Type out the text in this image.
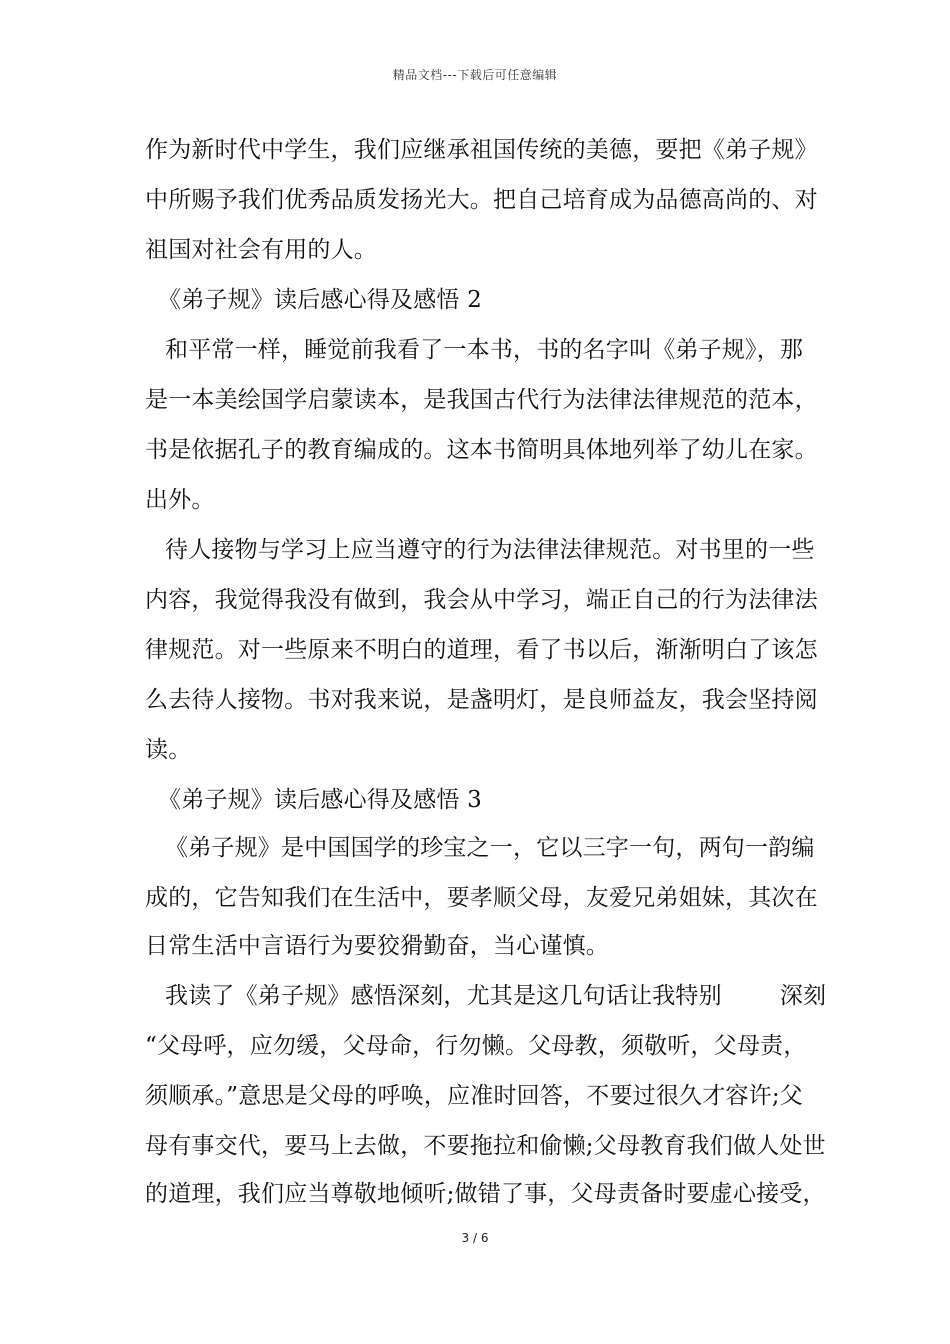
精品文档---下载后可任意编辑
作为新时代中学生，我们应继承祖国传统的美德，要把《弟子规》
中所赐予我们优秀品质发扬光大。把自己培育成为品德高尚的、对
祖国对社会有用的人。
《弟子规》读后感心得及感悟 2
和平常一样，睡觉前我看了一本书，书的名字叫《弟子规》，那
是一本美绘国学启蒙读本，是我国古代行为法律法律规范的范本，
书是依据孔子的教育编成的。这本书简明具体地列举了幼儿在家。
出外。
待人接物与学习上应当遵守的行为法律法律规范。对书里的一些
内容，我觉得我没有做到，我会从中学习，端正自己的行为法律法
律规范。对一些原来不明白的道理，看了书以后，渐渐明白了该怎
么去待人接物。书对我来说，是盏明灯，是良师益友，我会坚持阅
读。
《弟子规》读后感心得及感悟 3
《弟子规》是中国国学的珍宝之一，它以三字一句，两句一韵编
成的，它告知我们在生活中，要孝顺父母，友爱兄弟姐妹，其次在
日常生活中言语行为要狡猾勤奋，当心谨慎。
我读了《弟子规》感悟深刻，尤其是这几句话让我特别	深刻
“父母呼，应勿缓，父母命，行勿懒。父母教，须敬听，父母责，
须顺承。”意思是父母的呼唤，应准时回答，不要过很久才容许;父
母有事交代，要马上去做，不要拖拉和偷懒;父母教育我们做人处世
的道理，我们应当尊敬地倾听;做错了事，父母责备时要虚心接受，
3 / 6
